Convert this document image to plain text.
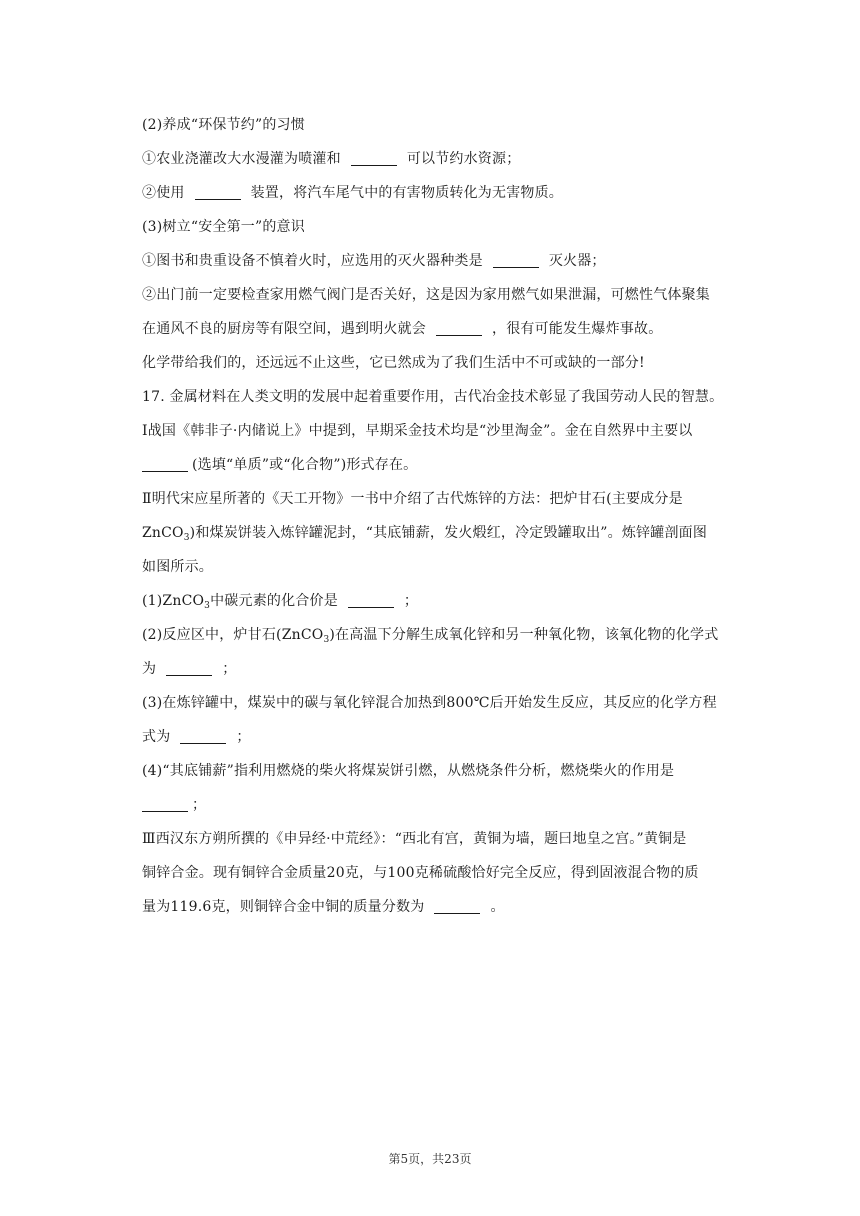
(2)养成“环保节约”的习惯
①农业浇灌改大水漫灌为喷灌和	可以节约水资源；
②使用	装置，将汽车尾气中的有害物质转化为无害物质。
(3)树立“安全第一”的意识
①图书和贵重设备不慎着火时，应选用的灭火器种类是	灭火器；
②出门前一定要检查家用燃气阀门是否关好，这是因为家用燃气如果泄漏，可燃性气体聚集
在通风不良的厨房等有限空间，遇到明火就会	，很有可能发生爆炸事故。
化学带给我们的，还远远不止这些，它已然成为了我们生活中不可或缺的一部分!
17. 金属材料在人类文明的发展中起着重要作用，古代冶金技术彰显了我国劳动人民的智慧。
Ⅰ战国《韩非子·内储说上》中提到，早期采金技术均是“沙里淘金”。金在自然界中主要以
(选填“单质”或“化合物”)形式存在。
Ⅱ明代宋应星所著的《天工开物》一书中介绍了古代炼锌的方法：把炉甘石(主要成分是
ZnCO$_3$)和煤炭饼装入炼锌罐泥封，“其底铺薪，发火煅红，冷定毁罐取出”。炼锌罐剖面图
如图所示。
(1)ZnCO$_3$中碳元素的化合价是	；
(2)反应区中，炉甘石(ZnCO$_3$)在高温下分解生成氧化锌和另一种氧化物，该氧化物的化学式
为	；
(3)在炼锌罐中，煤炭中的碳与氧化锌混合加热到800℃后开始发生反应，其反应的化学方程
式为	；
(4)“其底铺薪”指利用燃烧的柴火将煤炭饼引燃，从燃烧条件分析，燃烧柴火的作用是
；
Ⅲ西汉东方朔所撰的《申异经·中荒经》：“西北有宫，黄铜为墙，题曰地皇之宫。”黄铜是
铜锌合金。现有铜锌合金质量20克，与100克稀硫酸恰好完全反应，得到固液混合物的质
量为119.6克，则铜锌合金中铜的质量分数为	。
第5页，共23页
